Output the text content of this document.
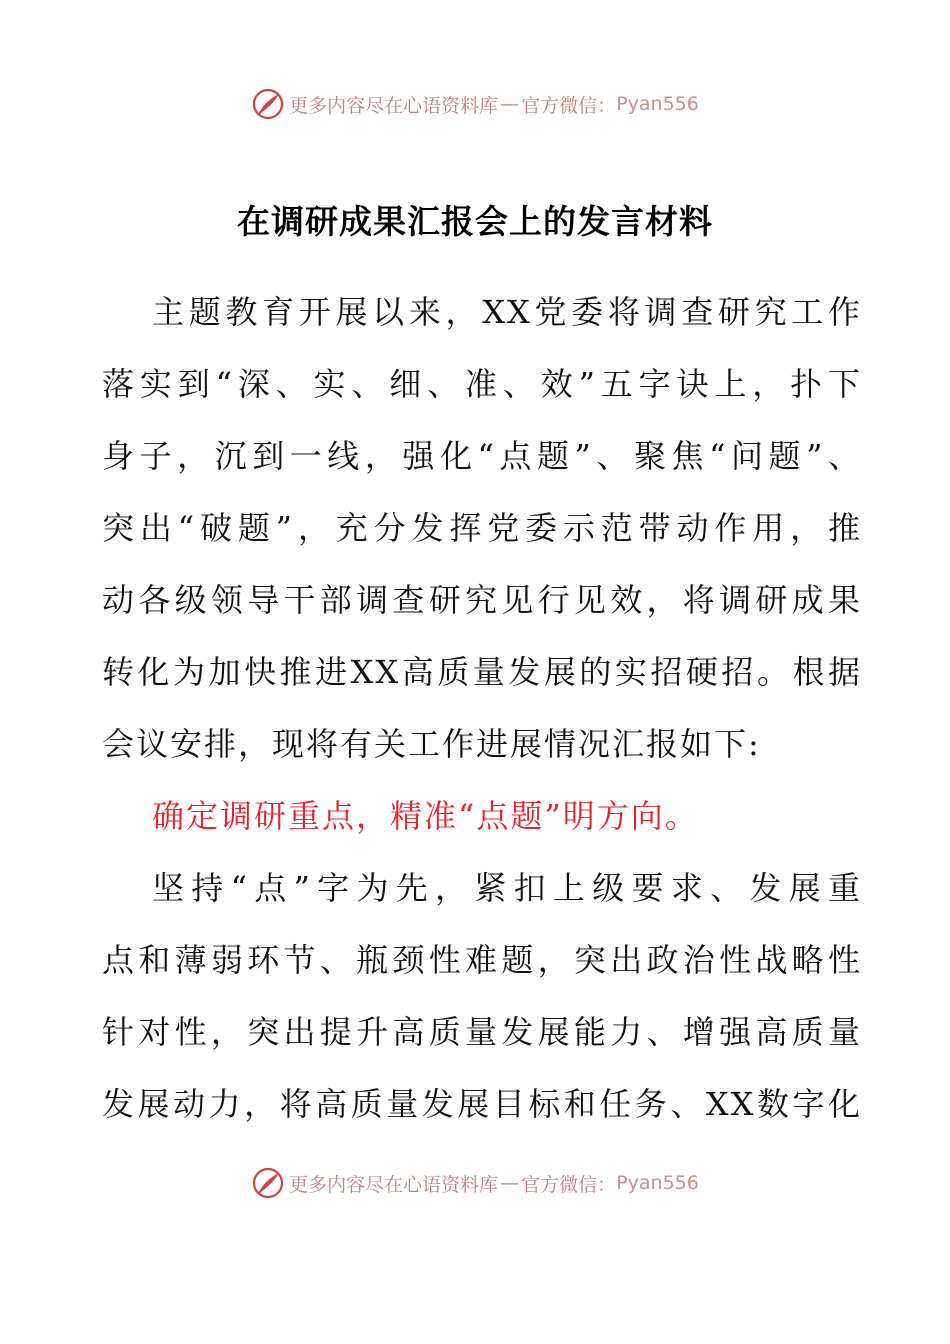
更多内容尽在心语资料库 — 官方微信： Pyan556
在调研成果汇报会上的发言材料
主题教育开展以来，XX党委将调查研究工作
落实到“深、实、细、准、效”五字诀上，扑下
身子，沉到一线，强化“点题”、聚焦“问题”、
突出“破题”，充分发挥党委示范带动作用，推
动各级领导干部调查研究见行见效，将调研成果
转化为加快推进XX高质量发展的实招硬招。根据
会议安排，现将有关工作进展情况汇报如下:
确定调研重点，精准“点题”明方向。
坚持“点”字为先，紧扣上级要求、发展重
点和薄弱环节、瓶颈性难题，突出政治性战略性
针对性，突出提升高质量发展能力、增强高质量
发展动力，将高质量发展目标和任务、XX数字化
更多内容尽在心语资料库 — 官方微信： Pyan556
